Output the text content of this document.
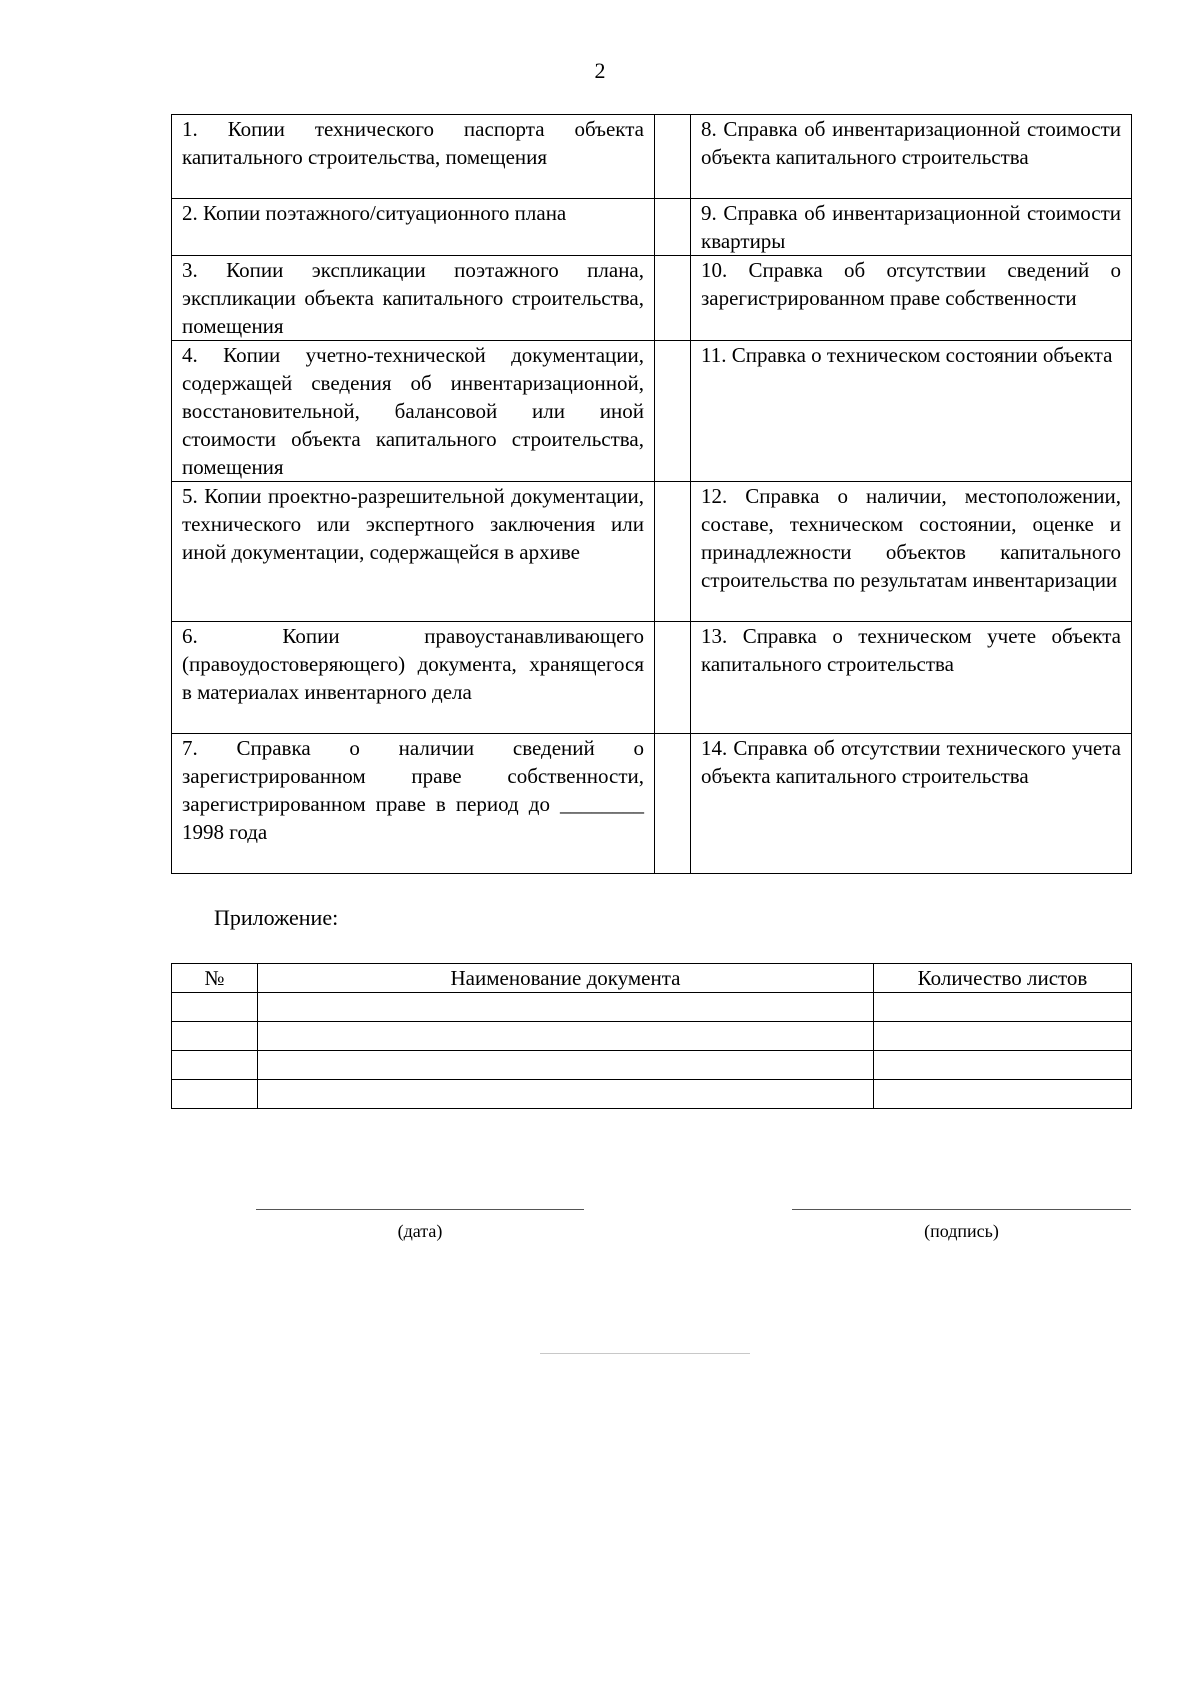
2
1. Копии технического паспорта объекта капитального строительства, помещения		8. Справка об инвентаризационной стоимости объекта капитального строительства

2. Копии поэтажного/ситуационного плана		9. Справка об инвентаризационной стоимости квартиры

3. Копии экспликации поэтажного плана, экспликации объекта капитального строительства, помещения		10. Справка об отсутствии сведений о зарегистрированном праве собственности

4. Копии учетно-технической документации, содержащей сведения об инвентаризационной, восстановительной, балансовой или иной стоимости объекта капитального строительства, помещения		11. Справка о техническом состоянии объекта

5. Копии проектно-разрешительной документации, технического или экспертного заключения или иной документации, содержащейся в архиве		12. Справка о наличии, местоположении, составе, техническом состоянии, оценке и принадлежности объектов капитального строительства по результатам инвентаризации

6. Копии правоустанавливающего (правоудостоверяющего) документа, хранящегося в материалах инвентарного дела		13. Справка о техническом учете объекта капитального строительства

7. Справка о наличии сведений о зарегистрированном праве собственности, зарегистрированном праве в период до ________ 1998 года		14. Справка об отсутствии технического учета объекта капитального строительства
Приложение:
№	Наименование документа	Количество листов

(дата)	(подпись)
